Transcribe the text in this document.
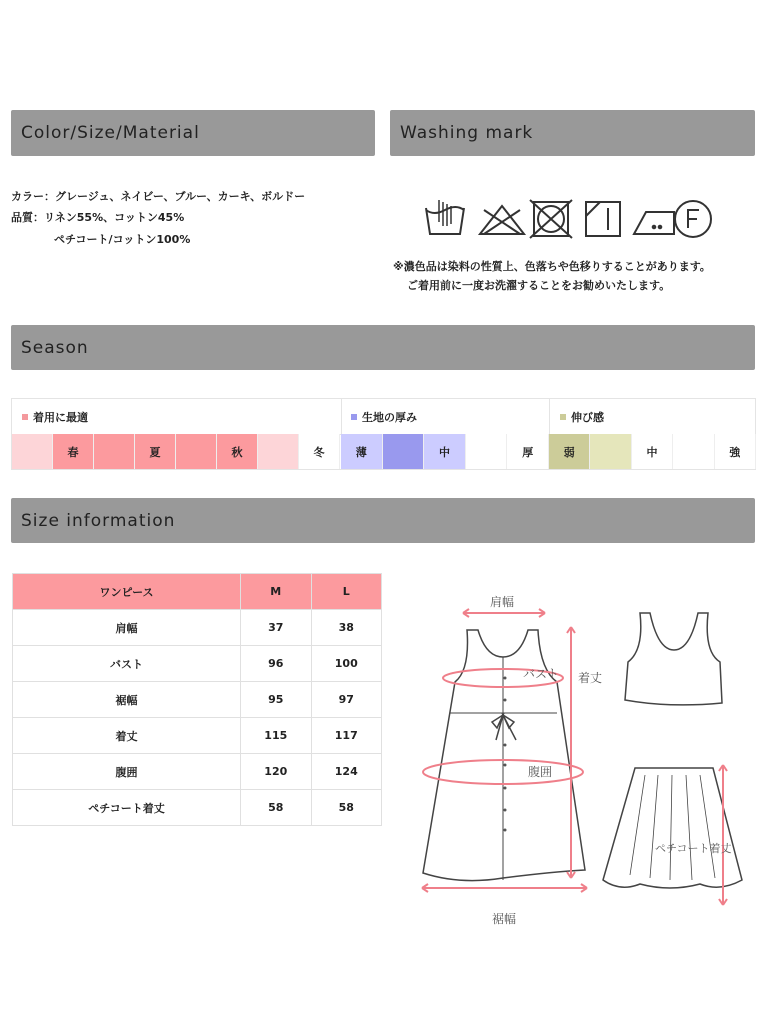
Color/Size/Material	Washing mark
カラー：グレージュ、ネイビー、ブルー、カーキ、ボルドー
品質：リネン55%、コットン45%
ペチコート/コットン100%
※濃色品は染料の性質上、色落ちや色移りすることがあります。
ご着用前に一度お洗濯することをお勧めいたします。
Season
着用に最適	生地の厚み	伸び感
春	夏	秋	冬	薄	中	厚	弱	中	強
Size information
ワンピース	M	L
肩幅	37	38
バスト	96	100
裾幅	95	97
着丈	115	117
腹囲	120	124
ペチコート着丈	58	58
肩幅
バスト 着丈
腹囲
裾幅
ペチコート着丈
